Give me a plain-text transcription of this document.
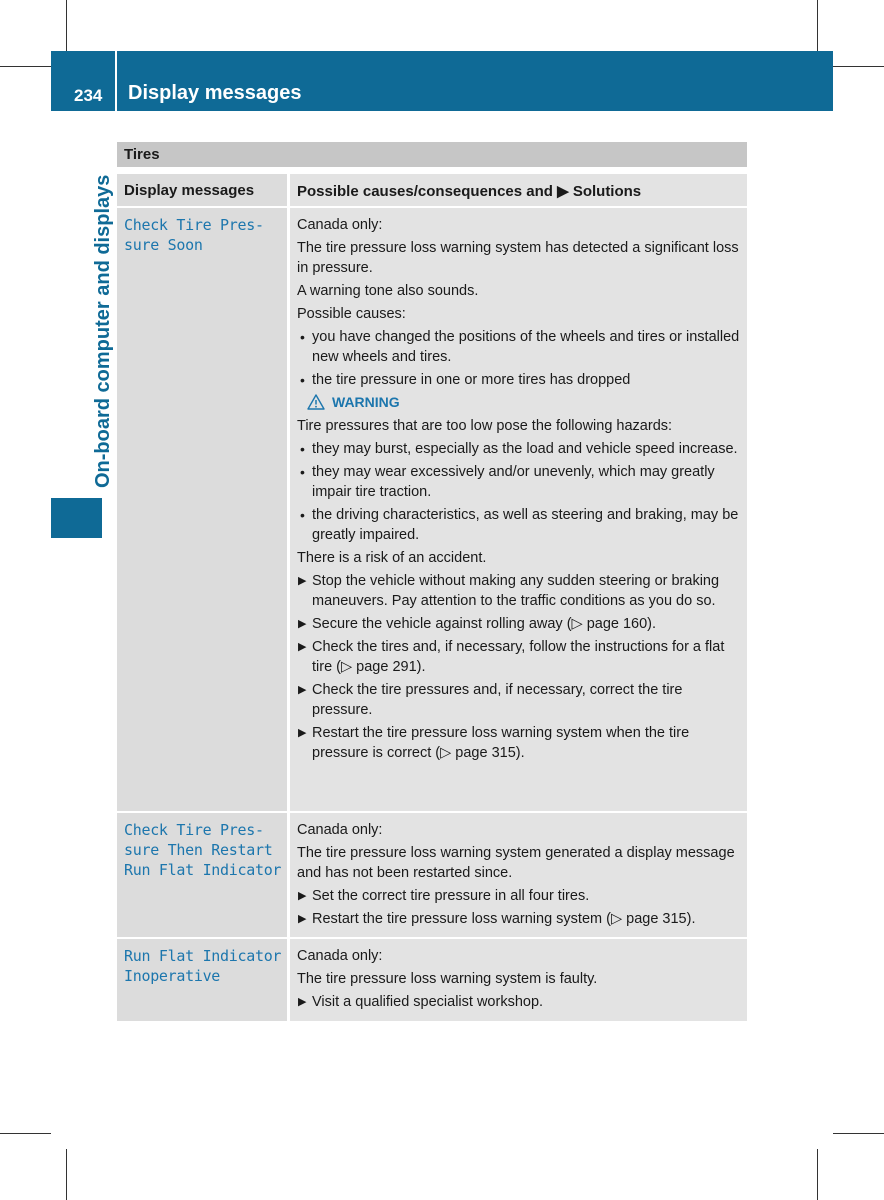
234 Display messages
On-board computer and displays
Tires
Display messages	Possible causes/consequences and ▶ Solutions
Check Tire Pres-
sure Soon
Canada only:
The tire pressure loss warning system has detected a significant loss in pressure.
A warning tone also sounds.
Possible causes:
• you have changed the positions of the wheels and tires or installed new wheels and tires.
• the tire pressure in one or more tires has dropped
WARNING
Tire pressures that are too low pose the following hazards:
• they may burst, especially as the load and vehicle speed increase.
• they may wear excessively and/or unevenly, which may greatly impair tire traction.
• the driving characteristics, as well as steering and braking, may be greatly impaired.
There is a risk of an accident.
▶ Stop the vehicle without making any sudden steering or braking maneuvers. Pay attention to the traffic conditions as you do so.
▶ Secure the vehicle against rolling away (▷ page 160).
▶ Check the tires and, if necessary, follow the instructions for a flat tire (▷ page 291).
▶ Check the tire pressures and, if necessary, correct the tire pressure.
▶ Restart the tire pressure loss warning system when the tire pressure is correct (▷ page 315).
Check Tire Pres-
sure Then Restart
Run Flat Indicator
Canada only:
The tire pressure loss warning system generated a display message and has not been restarted since.
▶ Set the correct tire pressure in all four tires.
▶ Restart the tire pressure loss warning system (▷ page 315).
Run Flat Indicator
Inoperative
Canada only:
The tire pressure loss warning system is faulty.
▶ Visit a qualified specialist workshop.
